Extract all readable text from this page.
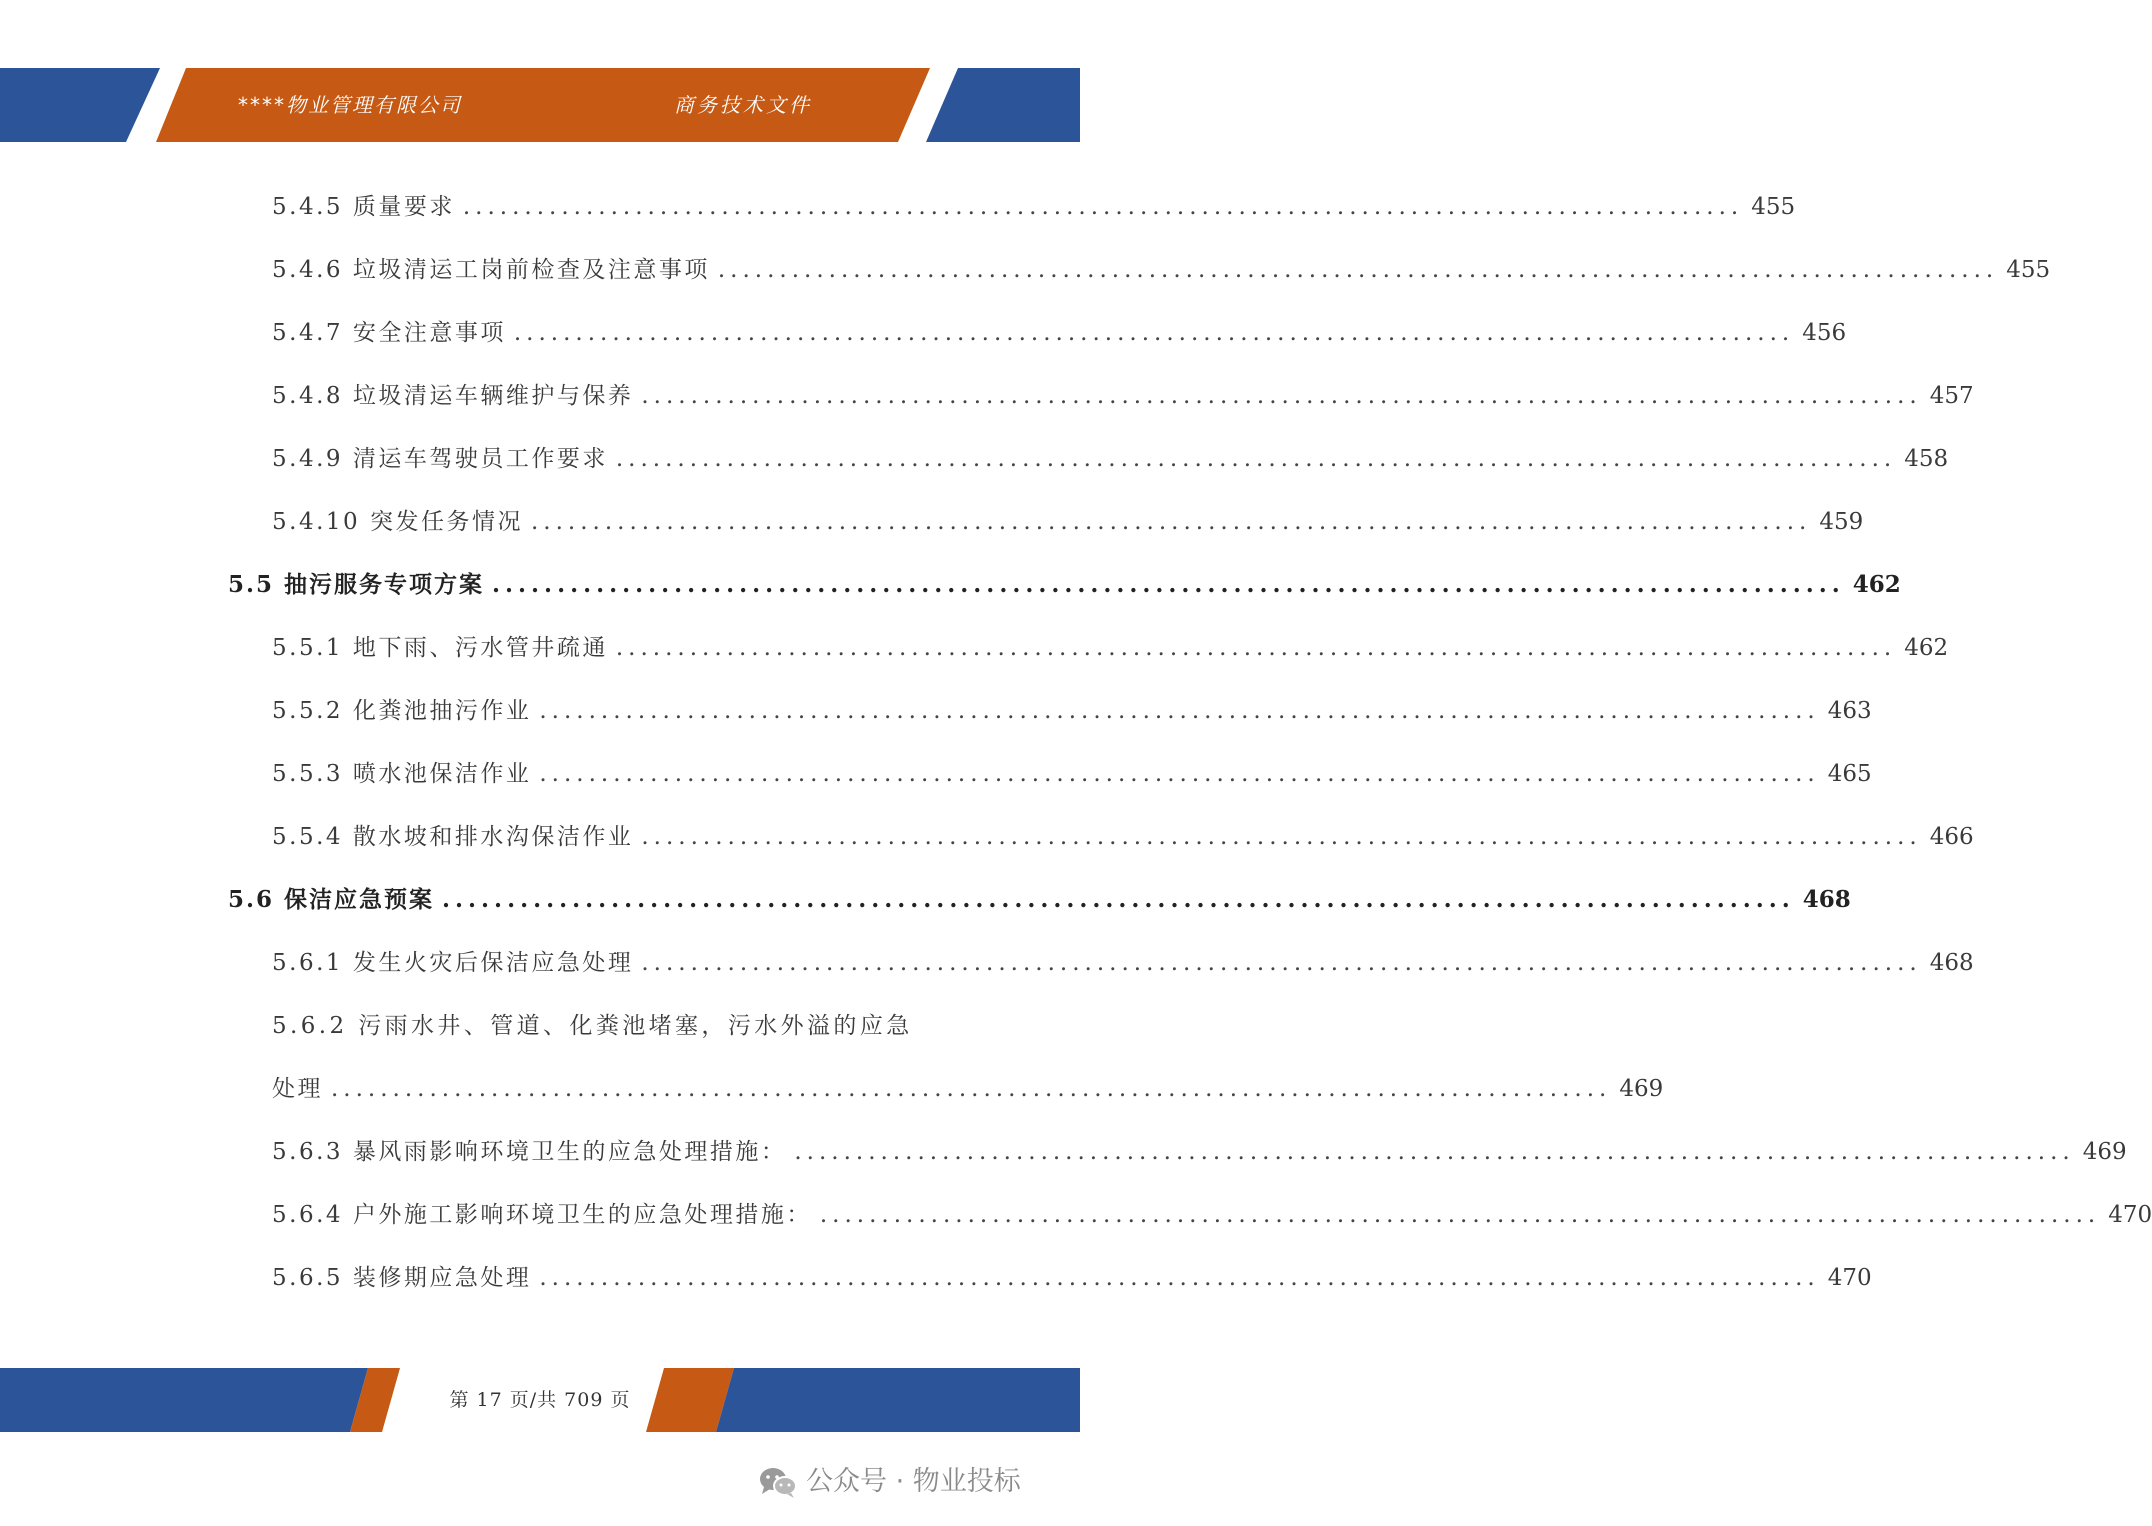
****物业管理有限公司	商务技术文件
5.4.5 质量要求 ........................................................................................................ 455
5.4.6 垃圾清运工岗前检查及注意事项 ........................................................................................................ 455
5.4.7 安全注意事项 ........................................................................................................ 456
5.4.8 垃圾清运车辆维护与保养 ........................................................................................................ 457
5.4.9 清运车驾驶员工作要求 ........................................................................................................ 458
5.4.10 突发任务情况 ........................................................................................................ 459
5.5 抽污服务专项方案 ........................................................................................................ 462
5.5.1 地下雨、污水管井疏通 ........................................................................................................ 462
5.5.2 化粪池抽污作业 ........................................................................................................ 463
5.5.3 喷水池保洁作业 ........................................................................................................ 465
5.5.4 散水坡和排水沟保洁作业 ........................................................................................................ 466
5.6 保洁应急预案 ........................................................................................................ 468
5.6.1 发生火灾后保洁应急处理 ........................................................................................................ 468
5.6.2 污雨水井、管道、化粪池堵塞，污水外溢的应急
处理 ........................................................................................................ 469
5.6.3 暴风雨影响环境卫生的应急处理措施： ........................................................................................................ 469
5.6.4 户外施工影响环境卫生的应急处理措施： ........................................................................................................ 470
5.6.5 装修期应急处理 ........................................................................................................ 470
第 17 页/共 709 页
公众号 · 物业投标
